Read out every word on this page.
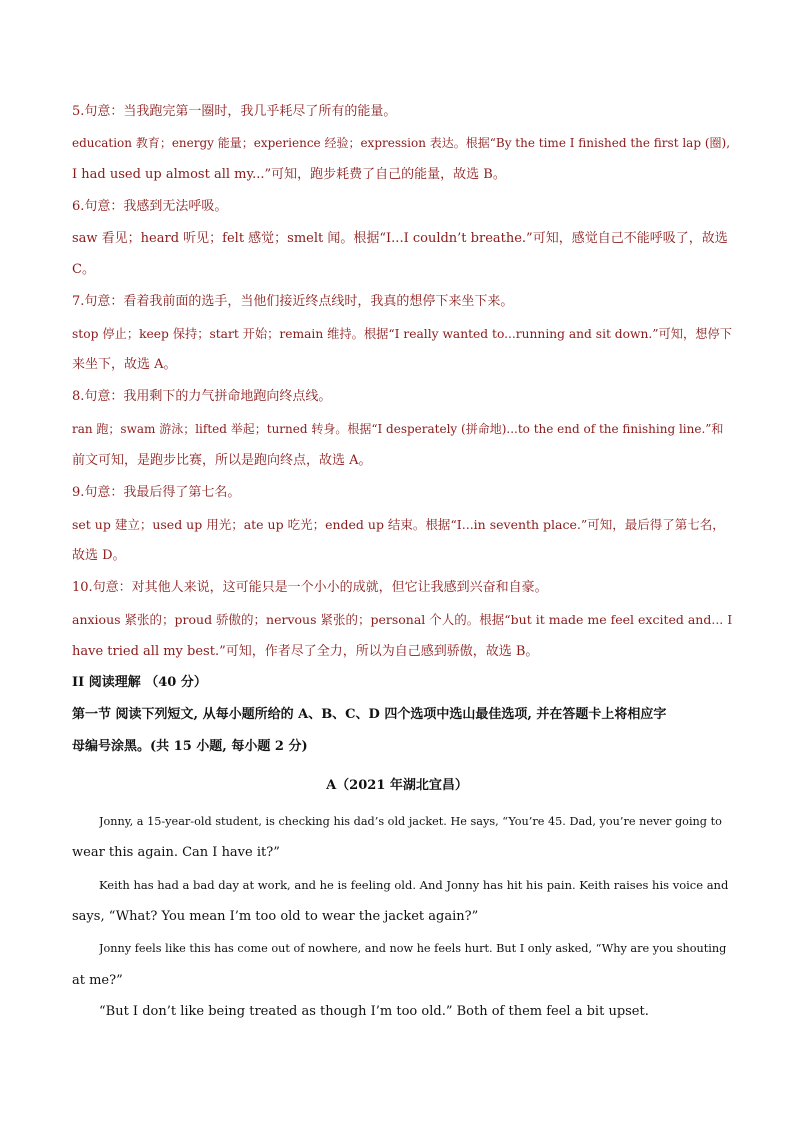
5.句意：当我跑完第一圈时，我几乎耗尽了所有的能量。
education 教育；energy 能量；experience 经验；expression 表达。根据“By the time I finished the first lap (圈),
I had used up almost all my...”可知，跑步耗费了自己的能量，故选 B。
6.句意：我感到无法呼吸。
saw 看见；heard 听见；felt 感觉；smelt 闻。根据“I...I couldn’t breathe.”可知，感觉自己不能呼吸了，故选
C。
7.句意：看着我前面的选手，当他们接近终点线时，我真的想停下来坐下来。
stop 停止；keep 保持；start 开始；remain 维持。根据“I really wanted to...running and sit down.”可知，想停下
来坐下，故选 A。
8.句意：我用剩下的力气拼命地跑向终点线。
ran 跑；swam 游泳；lifted 举起；turned 转身。根据“I desperately (拼命地)...to the end of the finishing line.”和
前文可知，是跑步比赛，所以是跑向终点，故选 A。
9.句意：我最后得了第七名。
set up 建立；used up 用光；ate up 吃光；ended up 结束。根据“I...in seventh place.”可知，最后得了第七名，
故选 D。
10.句意：对其他人来说，这可能只是一个小小的成就，但它让我感到兴奋和自豪。
anxious 紧张的；proud 骄傲的；nervous 紧张的；personal 个人的。根据“but it made me feel excited and... I
have tried all my best.”可知，作者尽了全力，所以为自己感到骄傲，故选 B。
II 阅读理解 （40 分）
第一节 阅读下列短文, 从每小题所给的 A、B、C、D 四个选项中选山最佳选项, 并在答题卡上将相应字
母编号涂黑。(共 15 小题, 每小题 2 分)
A（2021 年湖北宜昌）
Jonny, a 15-year-old student, is checking his dad’s old jacket. He says, “You’re 45. Dad, you’re never going to
wear this again. Can I have it?”
Keith has had a bad day at work, and he is feeling old. And Jonny has hit his pain. Keith raises his voice and
says, “What? You mean I’m too old to wear the jacket again?”
Jonny feels like this has come out of nowhere, and now he feels hurt. But I only asked, “Why are you shouting
at me?”
“But I don’t like being treated as though I’m too old.” Both of them feel a bit upset.
